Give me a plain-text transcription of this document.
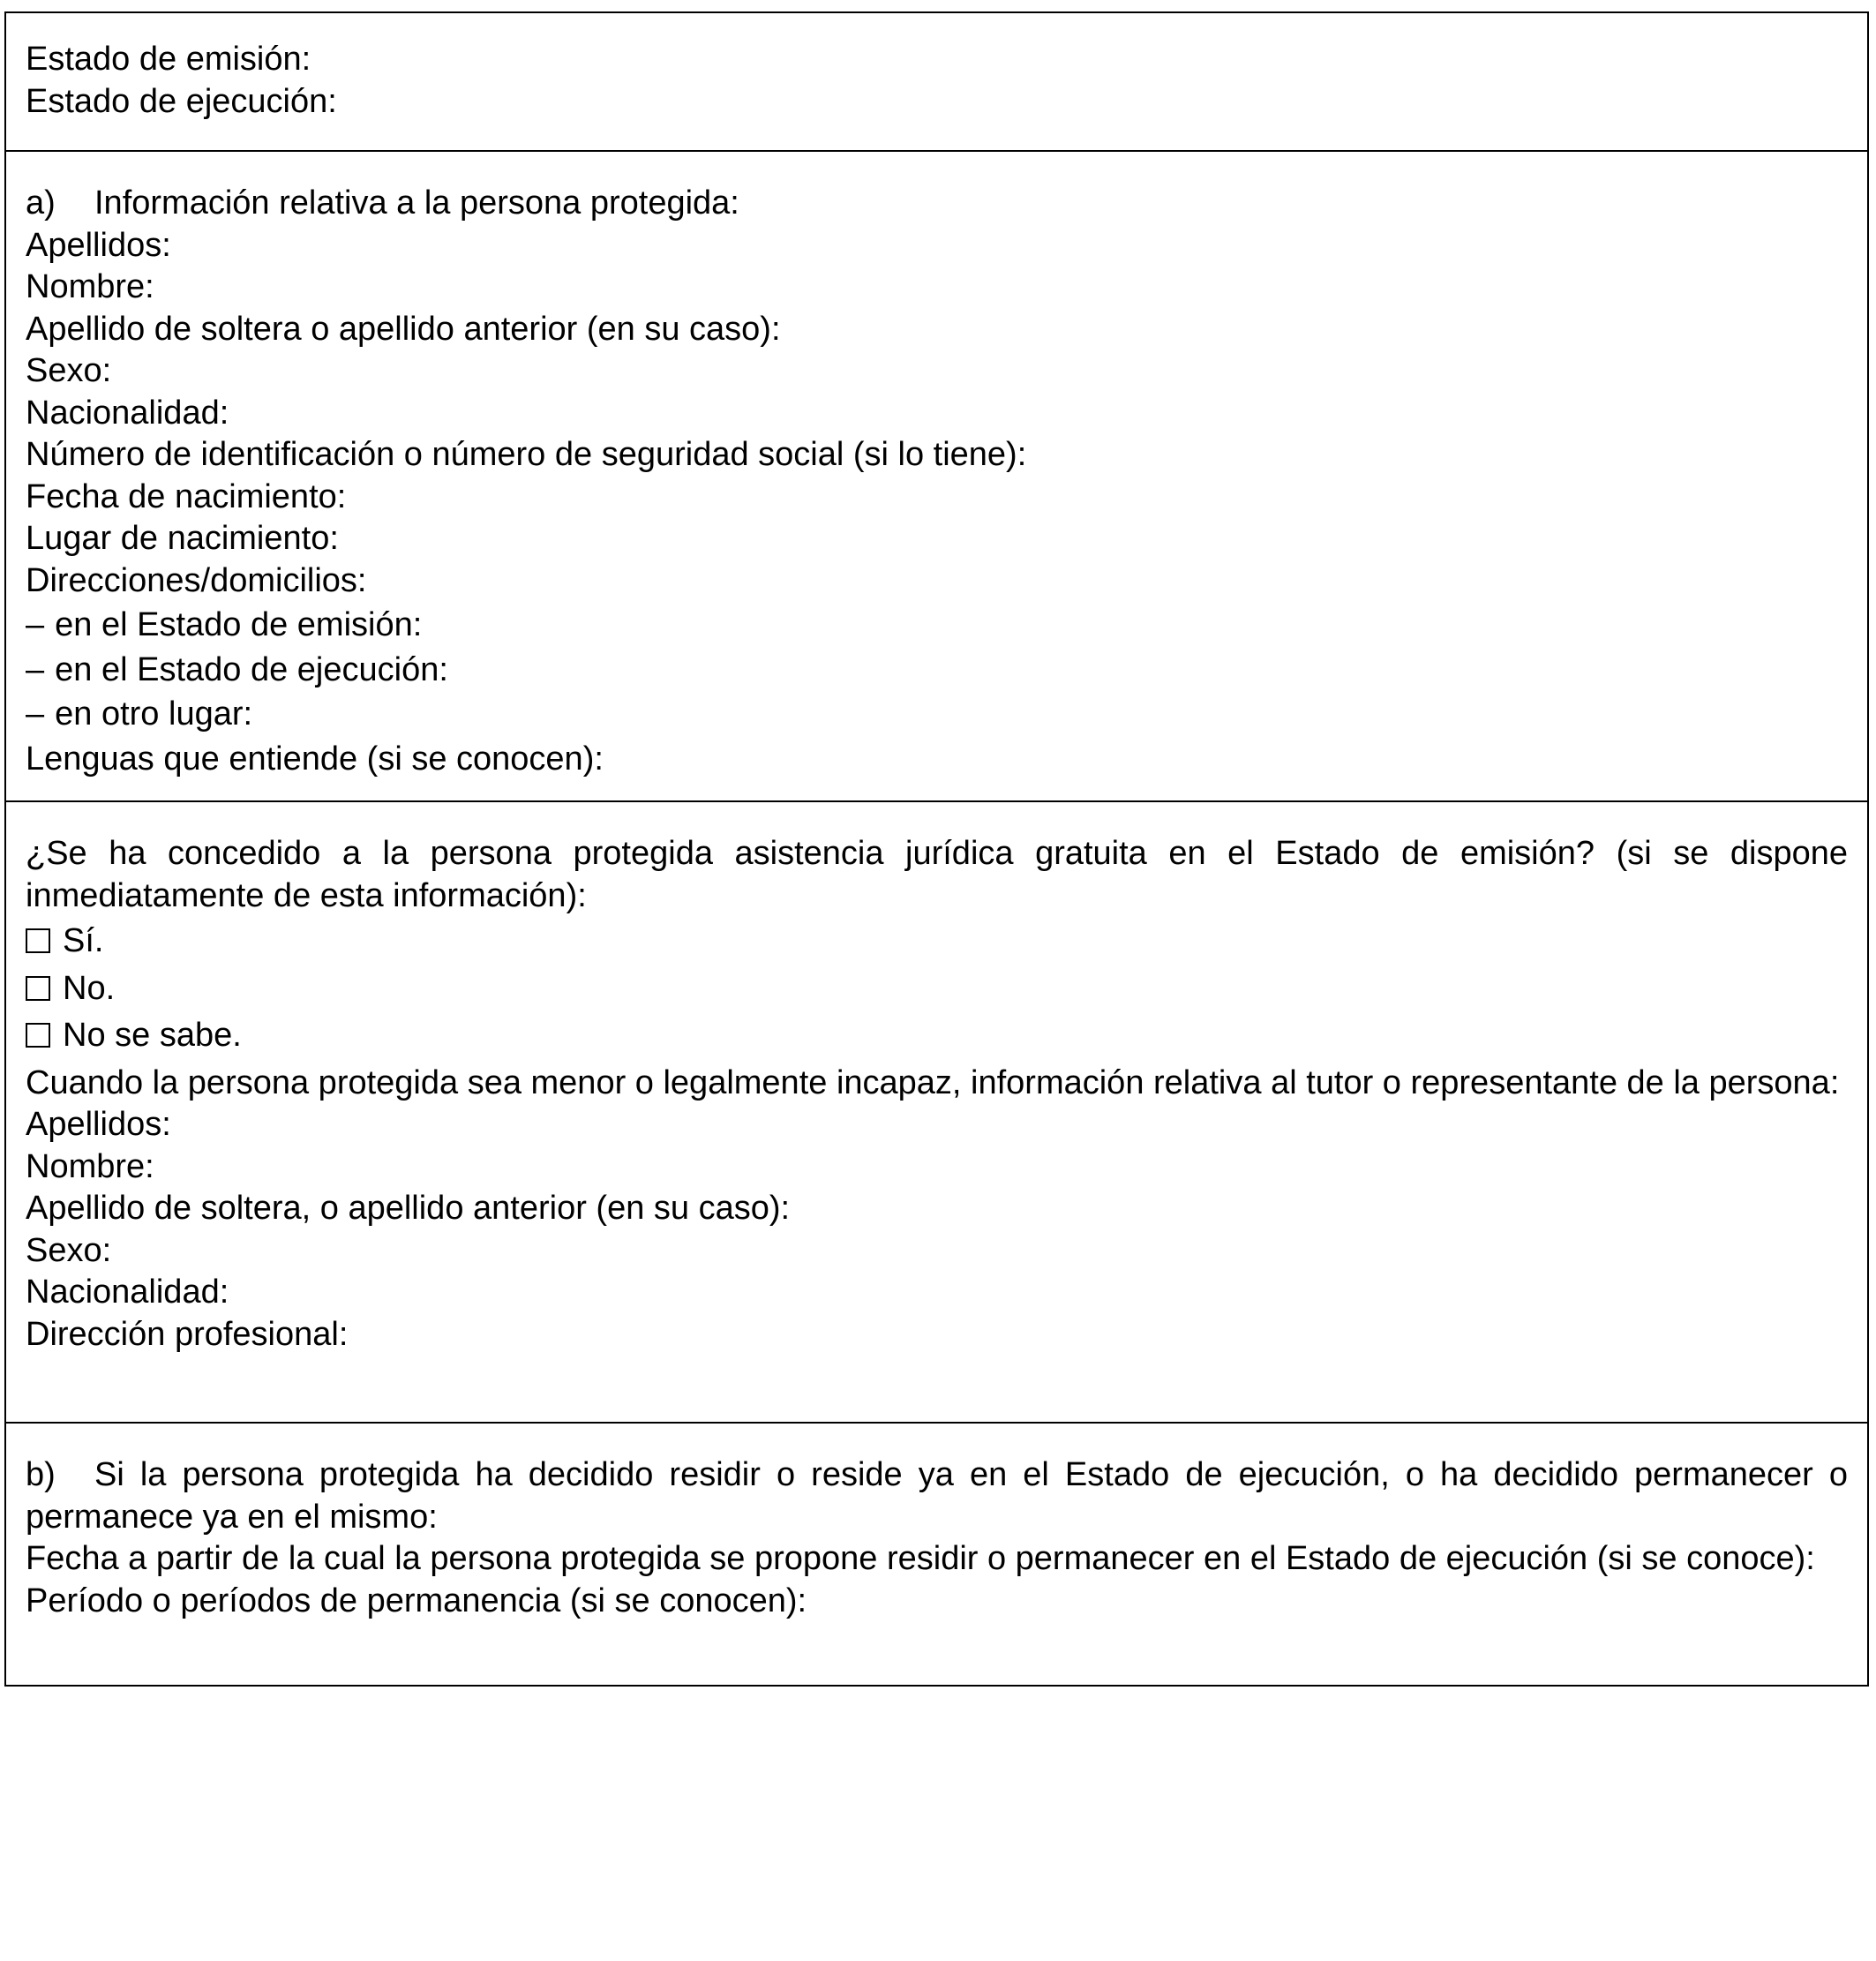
Estado de emisión:
Estado de ejecución:
a) Información relativa a la persona protegida:
Apellidos:
Nombre:
Apellido de soltera o apellido anterior (en su caso):
Sexo:
Nacionalidad:
Número de identificación o número de seguridad social (si lo tiene):
Fecha de nacimiento:
Lugar de nacimiento:
Direcciones/domicilios:
– en el Estado de emisión:
– en el Estado de ejecución:
– en otro lugar:
Lenguas que entiende (si se conocen):
¿Se ha concedido a la persona protegida asistencia jurídica gratuita en el Estado de emisión? (si se dispone inmediatamente de esta información):
Sí.
No.
No se sabe.
Cuando la persona protegida sea menor o legalmente incapaz, información relativa al tutor o representante de la persona:
Apellidos:
Nombre:
Apellido de soltera, o apellido anterior (en su caso):
Sexo:
Nacionalidad:
Dirección profesional:
b) Si la persona protegida ha decidido residir o reside ya en el Estado de ejecución, o ha decidido permanecer o permanece ya en el mismo:
Fecha a partir de la cual la persona protegida se propone residir o permanecer en el Estado de ejecución (si se conoce):
Período o períodos de permanencia (si se conocen):
